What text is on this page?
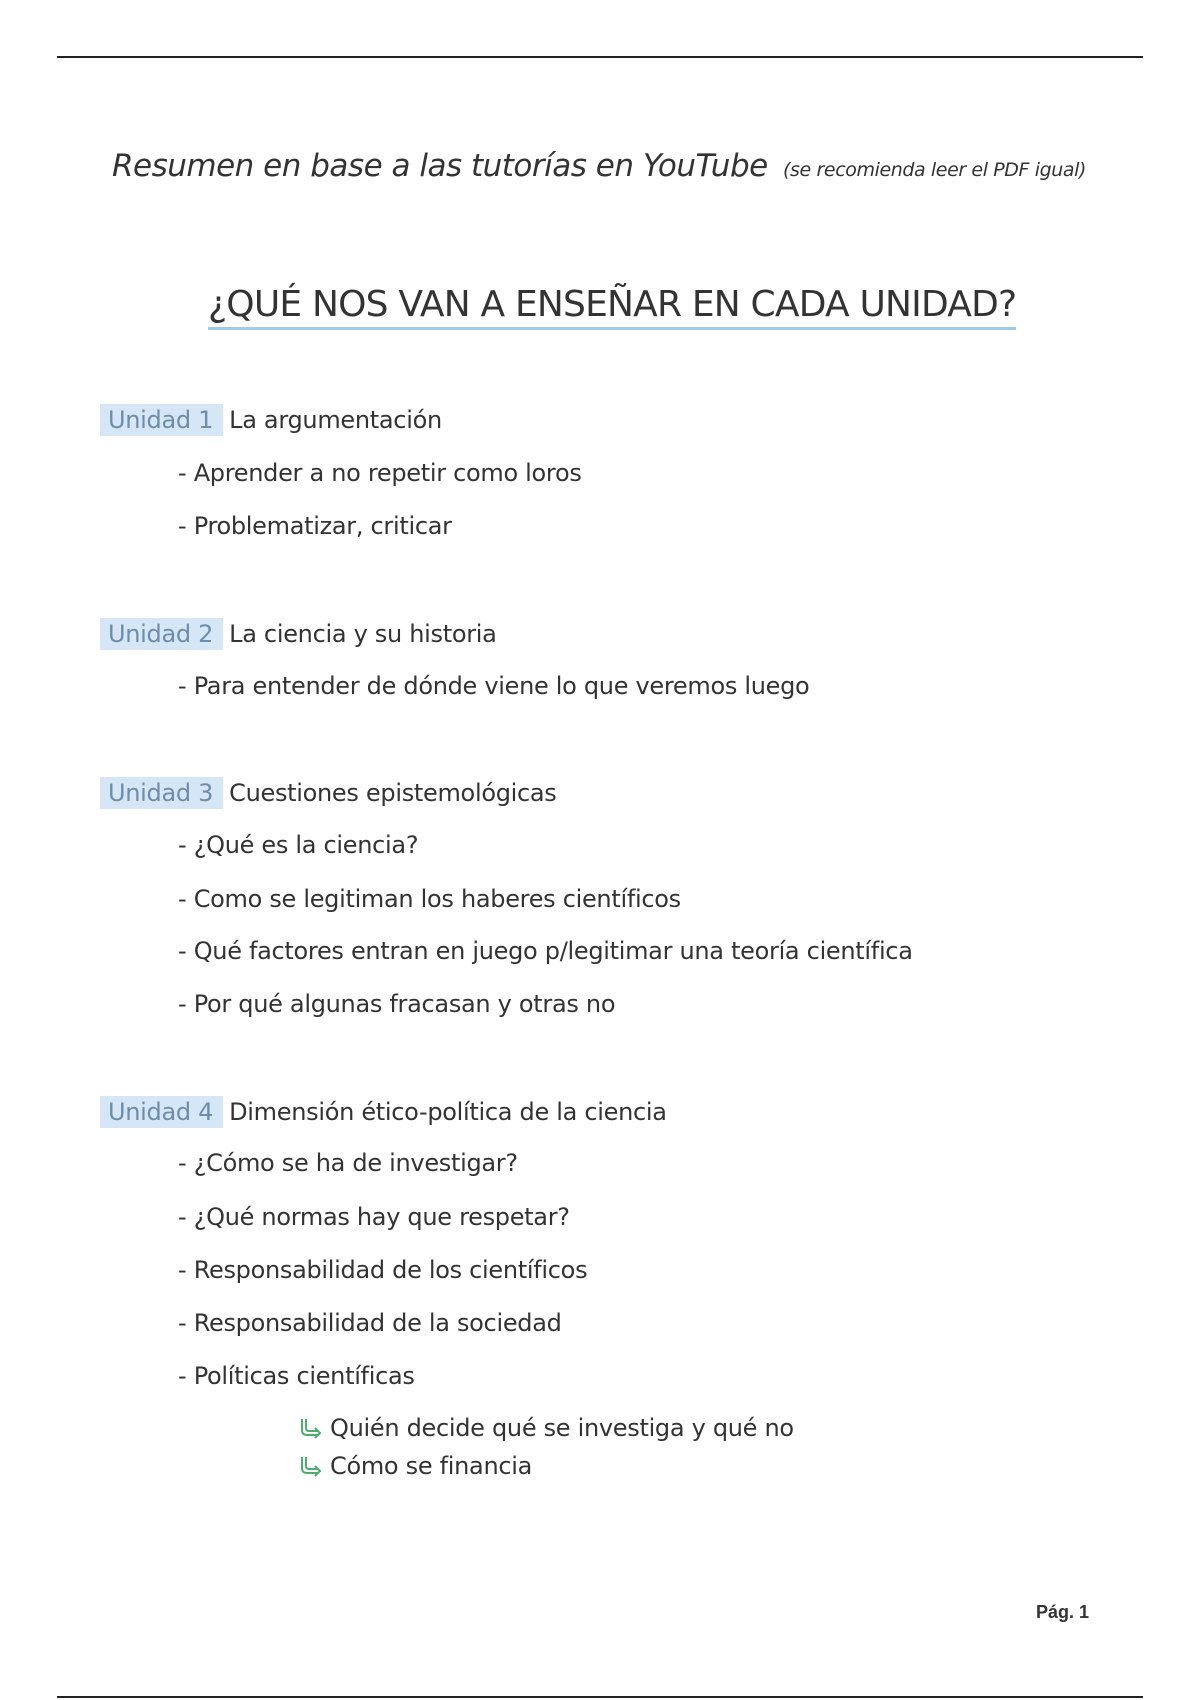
Resumen en base a las tutorías en YouTube (se recomienda leer el PDF igual)
¿QUÉ NOS VAN A ENSEÑAR EN CADA UNIDAD?
Unidad 1 La argumentación
- Aprender a no repetir como loros
- Problematizar, criticar
Unidad 2 La ciencia y su historia
- Para entender de dónde viene lo que veremos luego
Unidad 3 Cuestiones epistemológicas
- ¿Qué es la ciencia?
- Como se legitiman los haberes científicos
- Qué factores entran en juego p/legitimar una teoría científica
- Por qué algunas fracasan y otras no
Unidad 4 Dimensión ético-política de la ciencia
- ¿Cómo se ha de investigar?
- ¿Qué normas hay que respetar?
- Responsabilidad de los científicos
- Responsabilidad de la sociedad
- Políticas científicas
Quién decide qué se investiga y qué no
Cómo se financia
Pág. 1
